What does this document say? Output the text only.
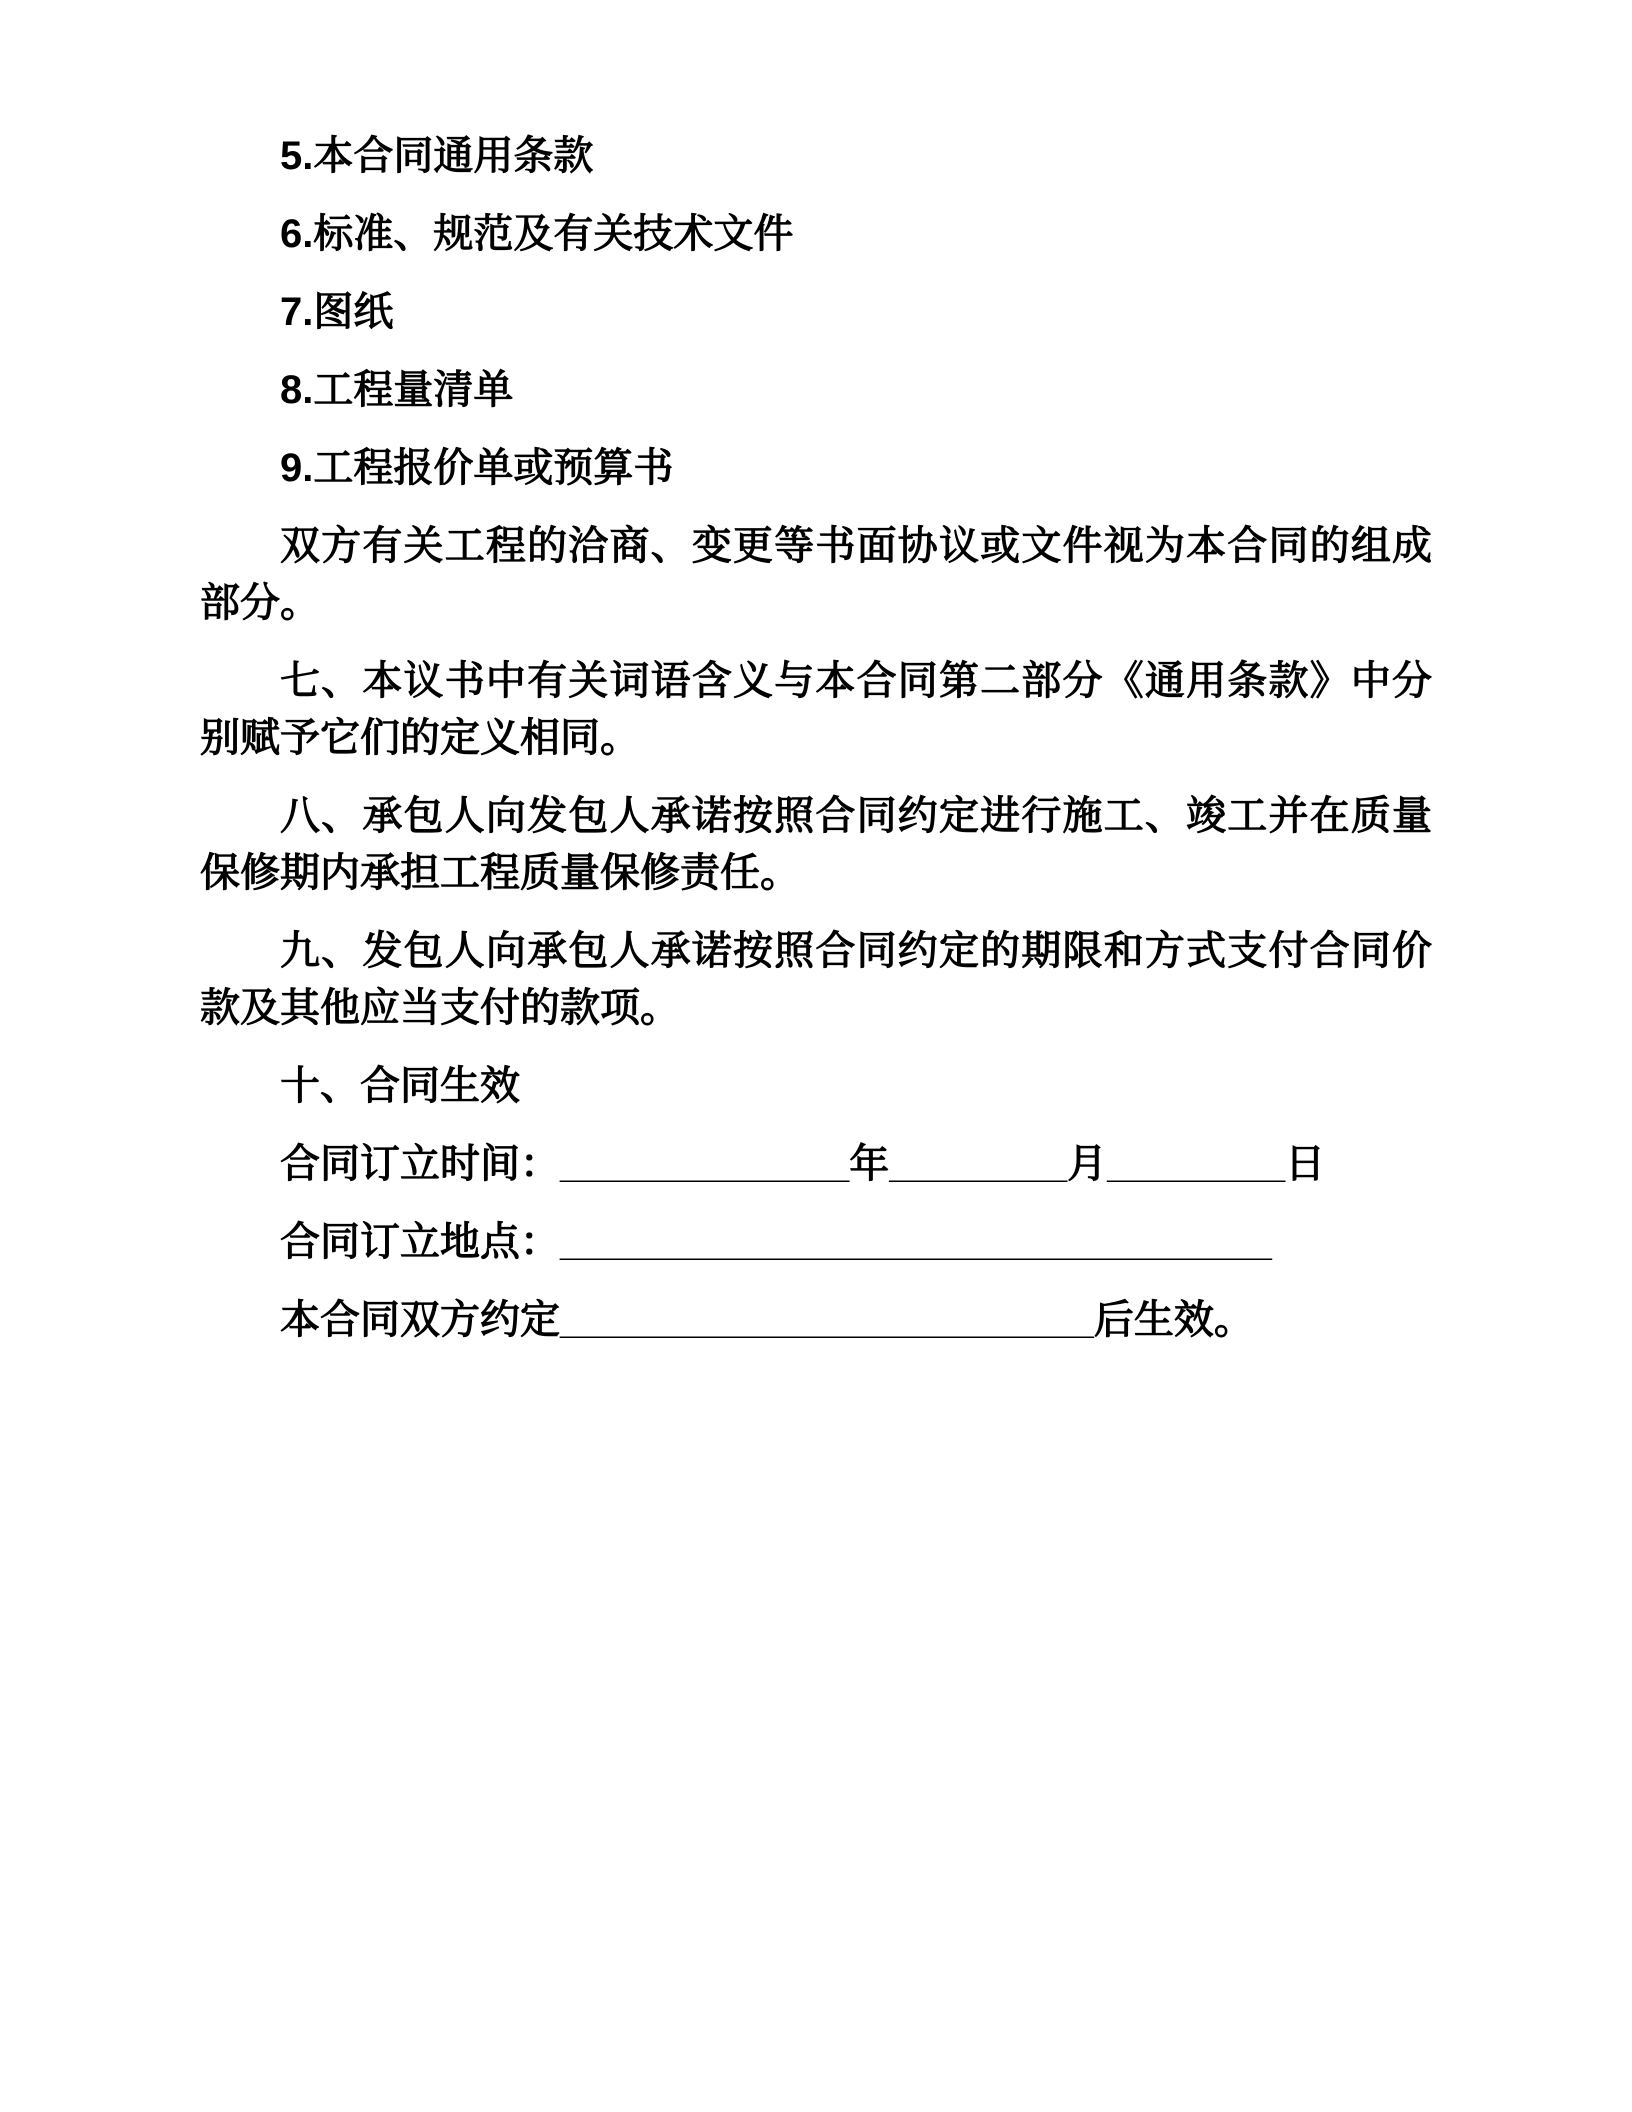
5.本合同通用条款

6.标准、规范及有关技术文件

7.图纸

8.工程量清单

9.工程报价单或预算书

双方有关工程的洽商、变更等书面协议或文件视为本合同的组成部分。

七、本议书中有关词语含义与本合同第二部分《通用条款》中分别赋予它们的定义相同。

八、承包人向发包人承诺按照合同约定进行施工、竣工并在质量保修期内承担工程质量保修责任。

九、发包人向承包人承诺按照合同约定的期限和方式支付合同价款及其他应当支付的款项。

十、合同生效

合同订立时间：_____________年________月________日

合同订立地点：________________________________

本合同双方约定________________________后生效。
